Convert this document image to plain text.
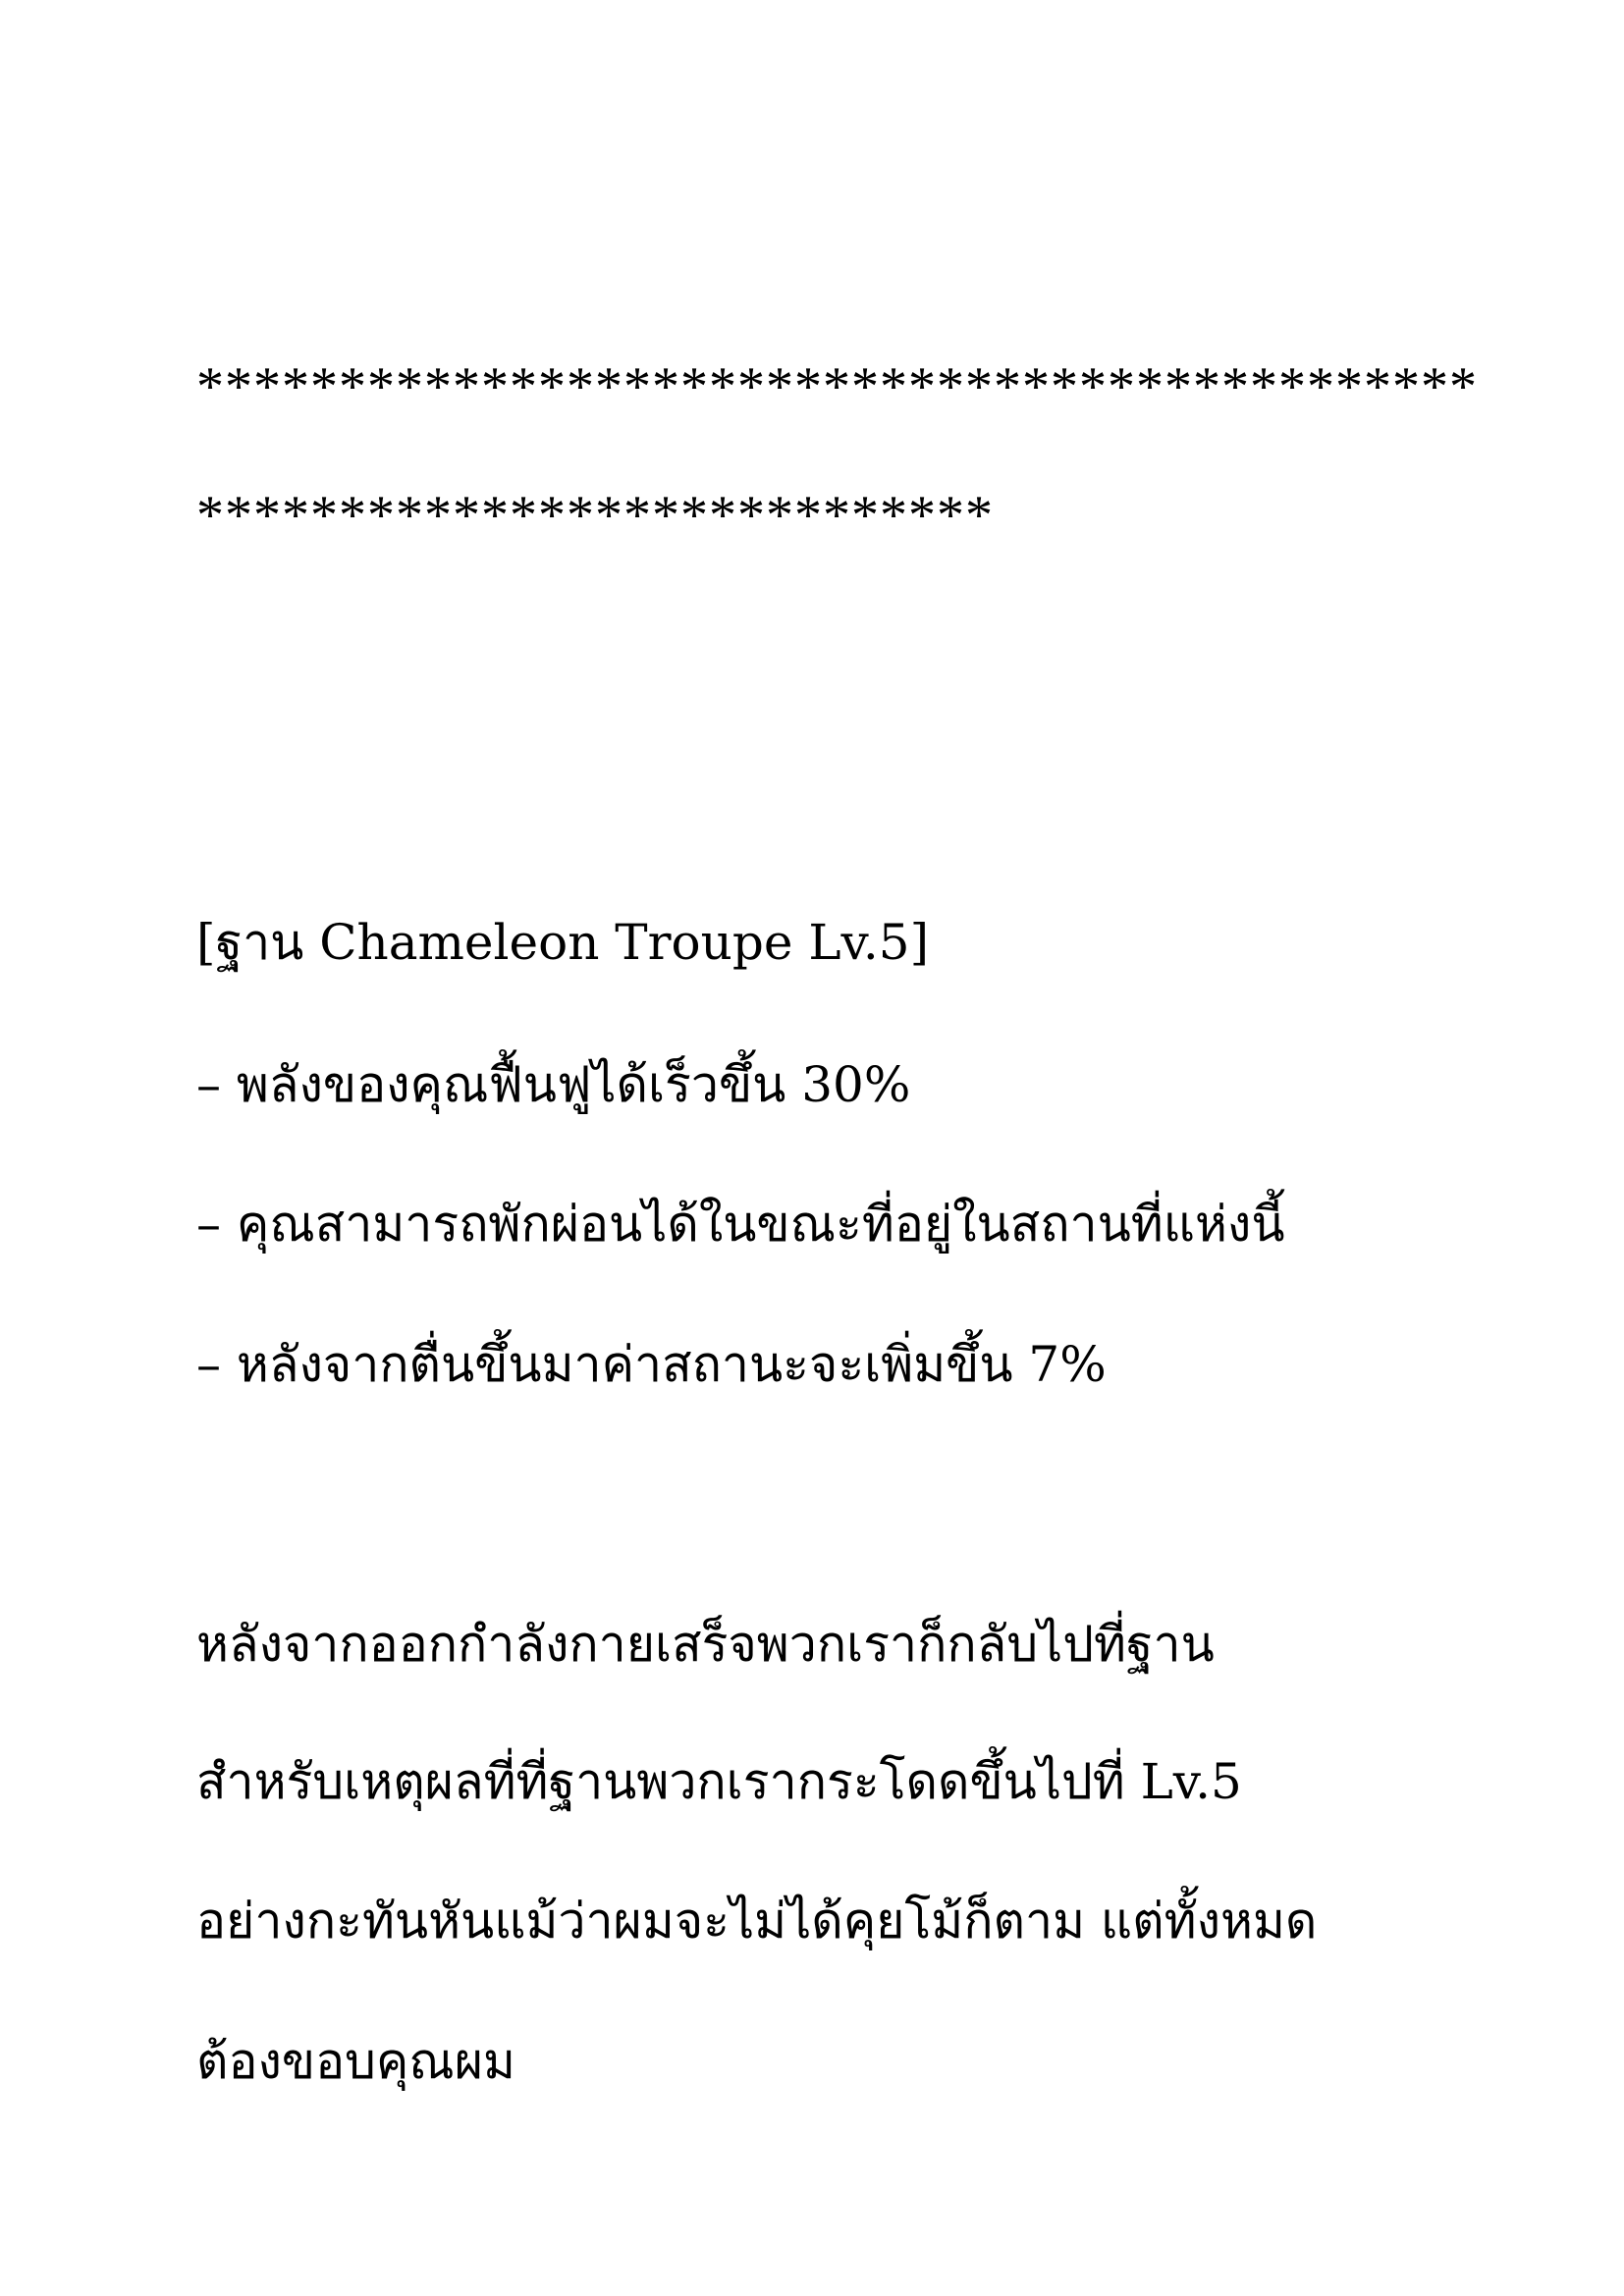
*********************************************
****************************
[ฐาน Chameleon Troupe Lv.5]
– พลังของคุณฟื้นฟูได้เร็วขึ้น 30%
– คุณสามารถพักผ่อนได้ในขณะที่อยู่ในสถานที่แห่งนี้
– หลังจากตื่นขึ้นมาค่าสถานะจะเพิ่มขึ้น 7%
หลังจากออกกำลังกายเสร็จพวกเราก็กลับไปที่ฐาน
สำหรับเหตุผลที่ที่ฐานพวกเรากระโดดขึ้นไปที่ Lv.5
อย่างกะทันหันแม้ว่าผมจะไม่ได้คุยโม้ก็ตาม แต่ทั้งหมด
ต้องขอบคุณผม
